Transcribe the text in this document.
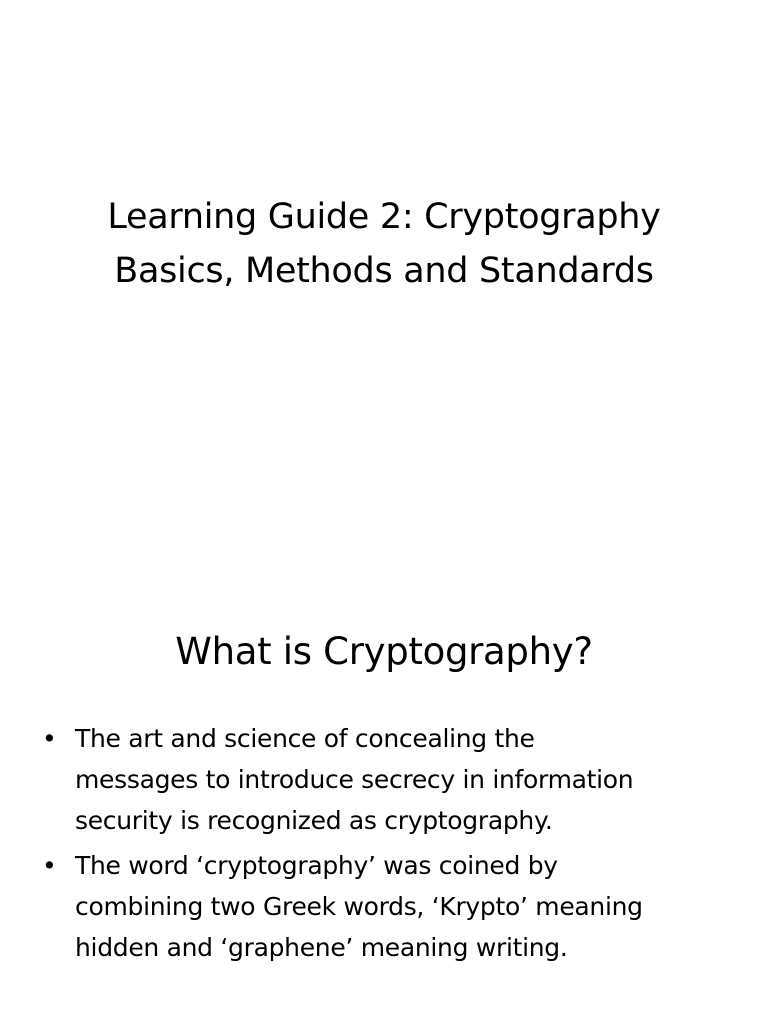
Learning Guide 2: Cryptography
Basics, Methods and Standards
What is Cryptography?
• The art and science of concealing the
messages to introduce secrecy in information
security is recognized as cryptography.
• The word ‘cryptography’ was coined by
combining two Greek words, ‘Krypto’ meaning
hidden and ‘graphene’ meaning writing.
